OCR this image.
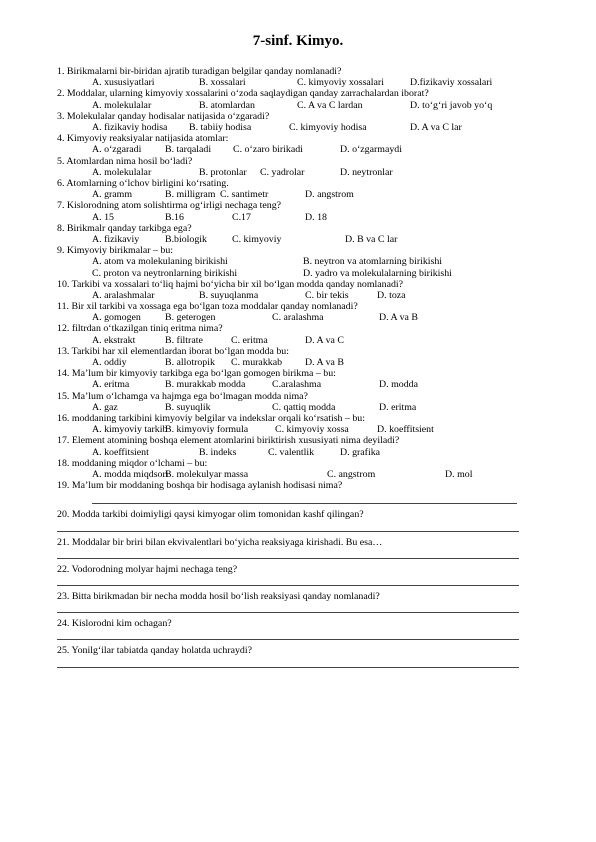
7-sinf. Kimyo.
1. Birikmalarni bir-biridan ajratib turadigan belgilar qanday nomlanadi?
A. xususiyatlari	B. xossalari	C. kimyoviy xossalari	D.fizikaviy xossalari
2. Moddalar, ularning kimyoviy xossalarini o‘zoda saqlaydigan qanday zarrachalardan iborat?
A. molekulalar	B. atomlardan	C. A va C lardan	D. to‘g‘ri javob yo‘q
3. Molekulalar qanday hodisalar natijasida o‘zgaradi?
A. fizikaviy hodisa B. tabiiy hodisa	C. kimyoviy hodisa	D. A va C lar
4. Kimyoviy reaksiyalar natijasida atomlar:
A. o‘zgaradi B. tarqaladi C. o‘zaro birikadi	D. o‘zgarmaydi
5. Atomlardan nima hosil bo‘ladi?
A. molekulalar	B. protonlar C. yadrolar	D. neytronlar
6. Atomlarning o‘lchov birligini ko‘rsating.
A. gramm	B. milligram C. santimetr	D. angstrom
7. Kislorodning atom solishtirma og‘irligi nechaga teng?
A. 15	B.16	C.17	D. 18
8. Birikmalr qanday tarkibga ega?
A. fizikaviy	B.biologik	C. kimyoviy	D. B va C lar
9. Kimyoviy birikmalar – bu:
A. atom va molekulaning birikishi	B. neytron va atomlarning birikishi
C. proton va neytronlarning birikishi	D. yadro va molekulalarning birikishi
10. Tarkibi va xossalari to‘liq hajmi bo‘yicha bir xil bo‘lgan modda qanday nomlanadi?
A. aralashmalar	B. suyuqlanma	C. bir tekis	D. toza
11. Bir xil tarkibi va xossaga ega bo‘lgan toza moddalar qanday nomlanadi?
A. gomogen B. geterogen	C. aralashma	D. A va B
12. filtrdan o‘tkazilgan tiniq eritma nima?
A. ekstrakt	B. filtrate	C. eritma	D. A va C
13. Tarkibi har xil elementlardan iborat bo‘lgan modda bu:
A. oddiy	B. allotropik C. murakkab D. A va B
14. Ma’lum bir kimyoviy tarkibga ega bo‘lgan gomogen birikma – bu:
A. eritma	B. murakkab modda	C.aralashma	D. modda
15. Ma’lum o‘lchamga va hajmga ega bo‘lmagan modda nima?
A. gaz	B. suyuqlik	C. qattiq modda	D. eritma
16. moddaning tarkibini kimyoviy belgilar va indekslar orqali ko‘rsatish – bu:
A. kimyoviy tarkib
B. kimyoviy formula	C. kimyoviy xossa	D. koeffitsient
17. Element atomining boshqa element atomlarini biriktirish xususiyati nima deyiladi?
A. koeffitsient	B. indeks	C. valentlik	D. grafika
18. moddaning miqdor o‘lchami – bu:
A. modda miqdsori
B. molekulyar massa	C. angstrom	D. mol
19. Ma’lum bir moddaning boshqa bir hodisaga aylanish hodisasi nima?
20. Modda tarkibi doimiyligi qaysi kimyogar olim tomonidan kashf qilingan?
21. Moddalar bir briri bilan ekvivalentlari bo‘yicha reaksiyaga kirishadi. Bu esa…
22. Vodorodning molyar hajmi nechaga teng?
23. Bitta birikmadan bir necha modda hosil bo‘lish reaksiyasi qanday nomlanadi?
24. Kislorodni kim ochagan?
25. Yonilg‘ilar tabiatda qanday holatda uchraydi?
